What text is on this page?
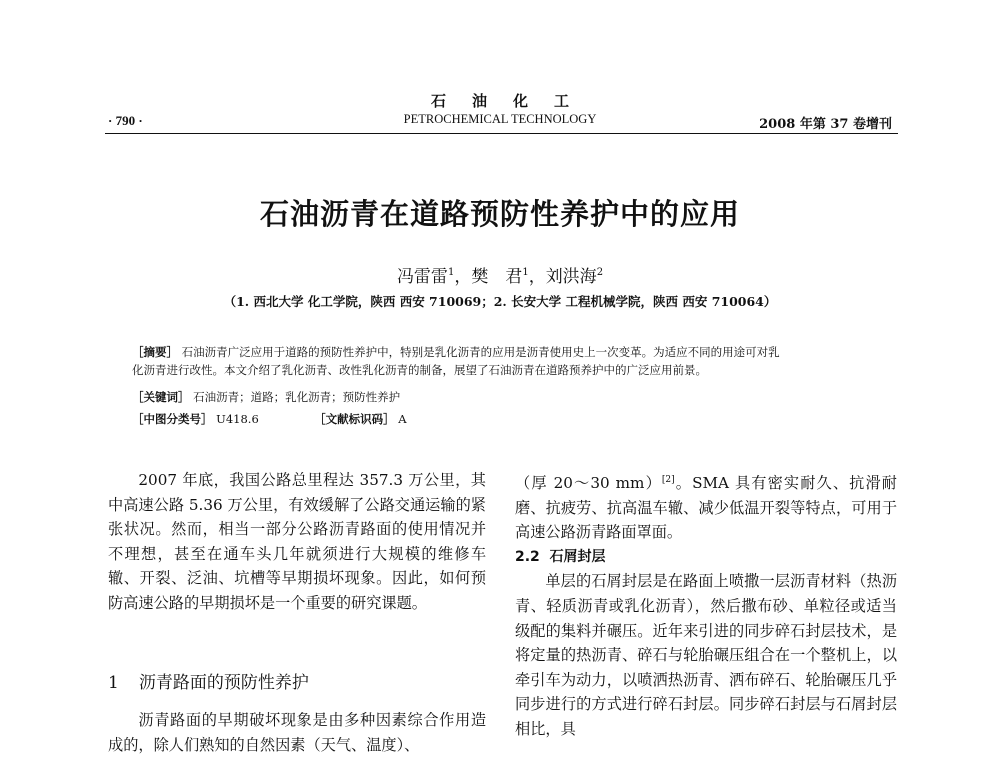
石油化工
PETROCHEMICAL TECHNOLOGY
· 790 ·	2008 年第 37 卷增刊
石油沥青在道路预防性养护中的应用
冯雷雷$^1$，樊　君$^1$，刘洪海$^2$
（1. 西北大学 化工学院，陕西 西安 710069；2. 长安大学 工程机械学院，陕西 西安 710064）
［摘要］ 石油沥青广泛应用于道路的预防性养护中，特别是乳化沥青的应用是沥青使用史上一次变革。为适应不同的用途可对乳
化沥青进行改性。本文介绍了乳化沥青、改性乳化沥青的制备，展望了石油沥青在道路预养护中的广泛应用前景。
［关键词］ 石油沥青；道路；乳化沥青；预防性养护
［中图分类号］ U418.6	［文献标识码］ A

2007 年底，我国公路总里程达 357.3 万公里，其中高速公路 5.36 万公里，有效缓解了公路交通运输的紧张状况。然而，相当一部分公路沥青路面的使用情况并不理想，甚至在通车头几年就须进行大规模的维修车辙、开裂、泛油、坑槽等早期损坏现象。因此，如何预防高速公路的早期损坏是一个重要的研究课题。

1 沥青路面的预防性养护

沥青路面的早期破坏现象是由多种因素综合作用造成的，除人们熟知的自然因素（天气、温度）、

（厚 20～30 mm）[2]。SMA 具有密实耐久、抗滑耐磨、抗疲劳、抗高温车辙、减少低温开裂等特点，可用于高速公路沥青路面罩面。

2.2 石屑封层

单层的石屑封层是在路面上喷撒一层沥青材料（热沥青、轻质沥青或乳化沥青），然后撒布砂、单粒径或适当级配的集料并碾压。近年来引进的同步碎石封层技术，是将定量的热沥青、碎石与轮胎碾压组合在一个整机上，以牵引车为动力，以喷洒热沥青、洒布碎石、轮胎碾压几乎同步进行的方式进行碎石封层。同步碎石封层与石屑封层相比，具
